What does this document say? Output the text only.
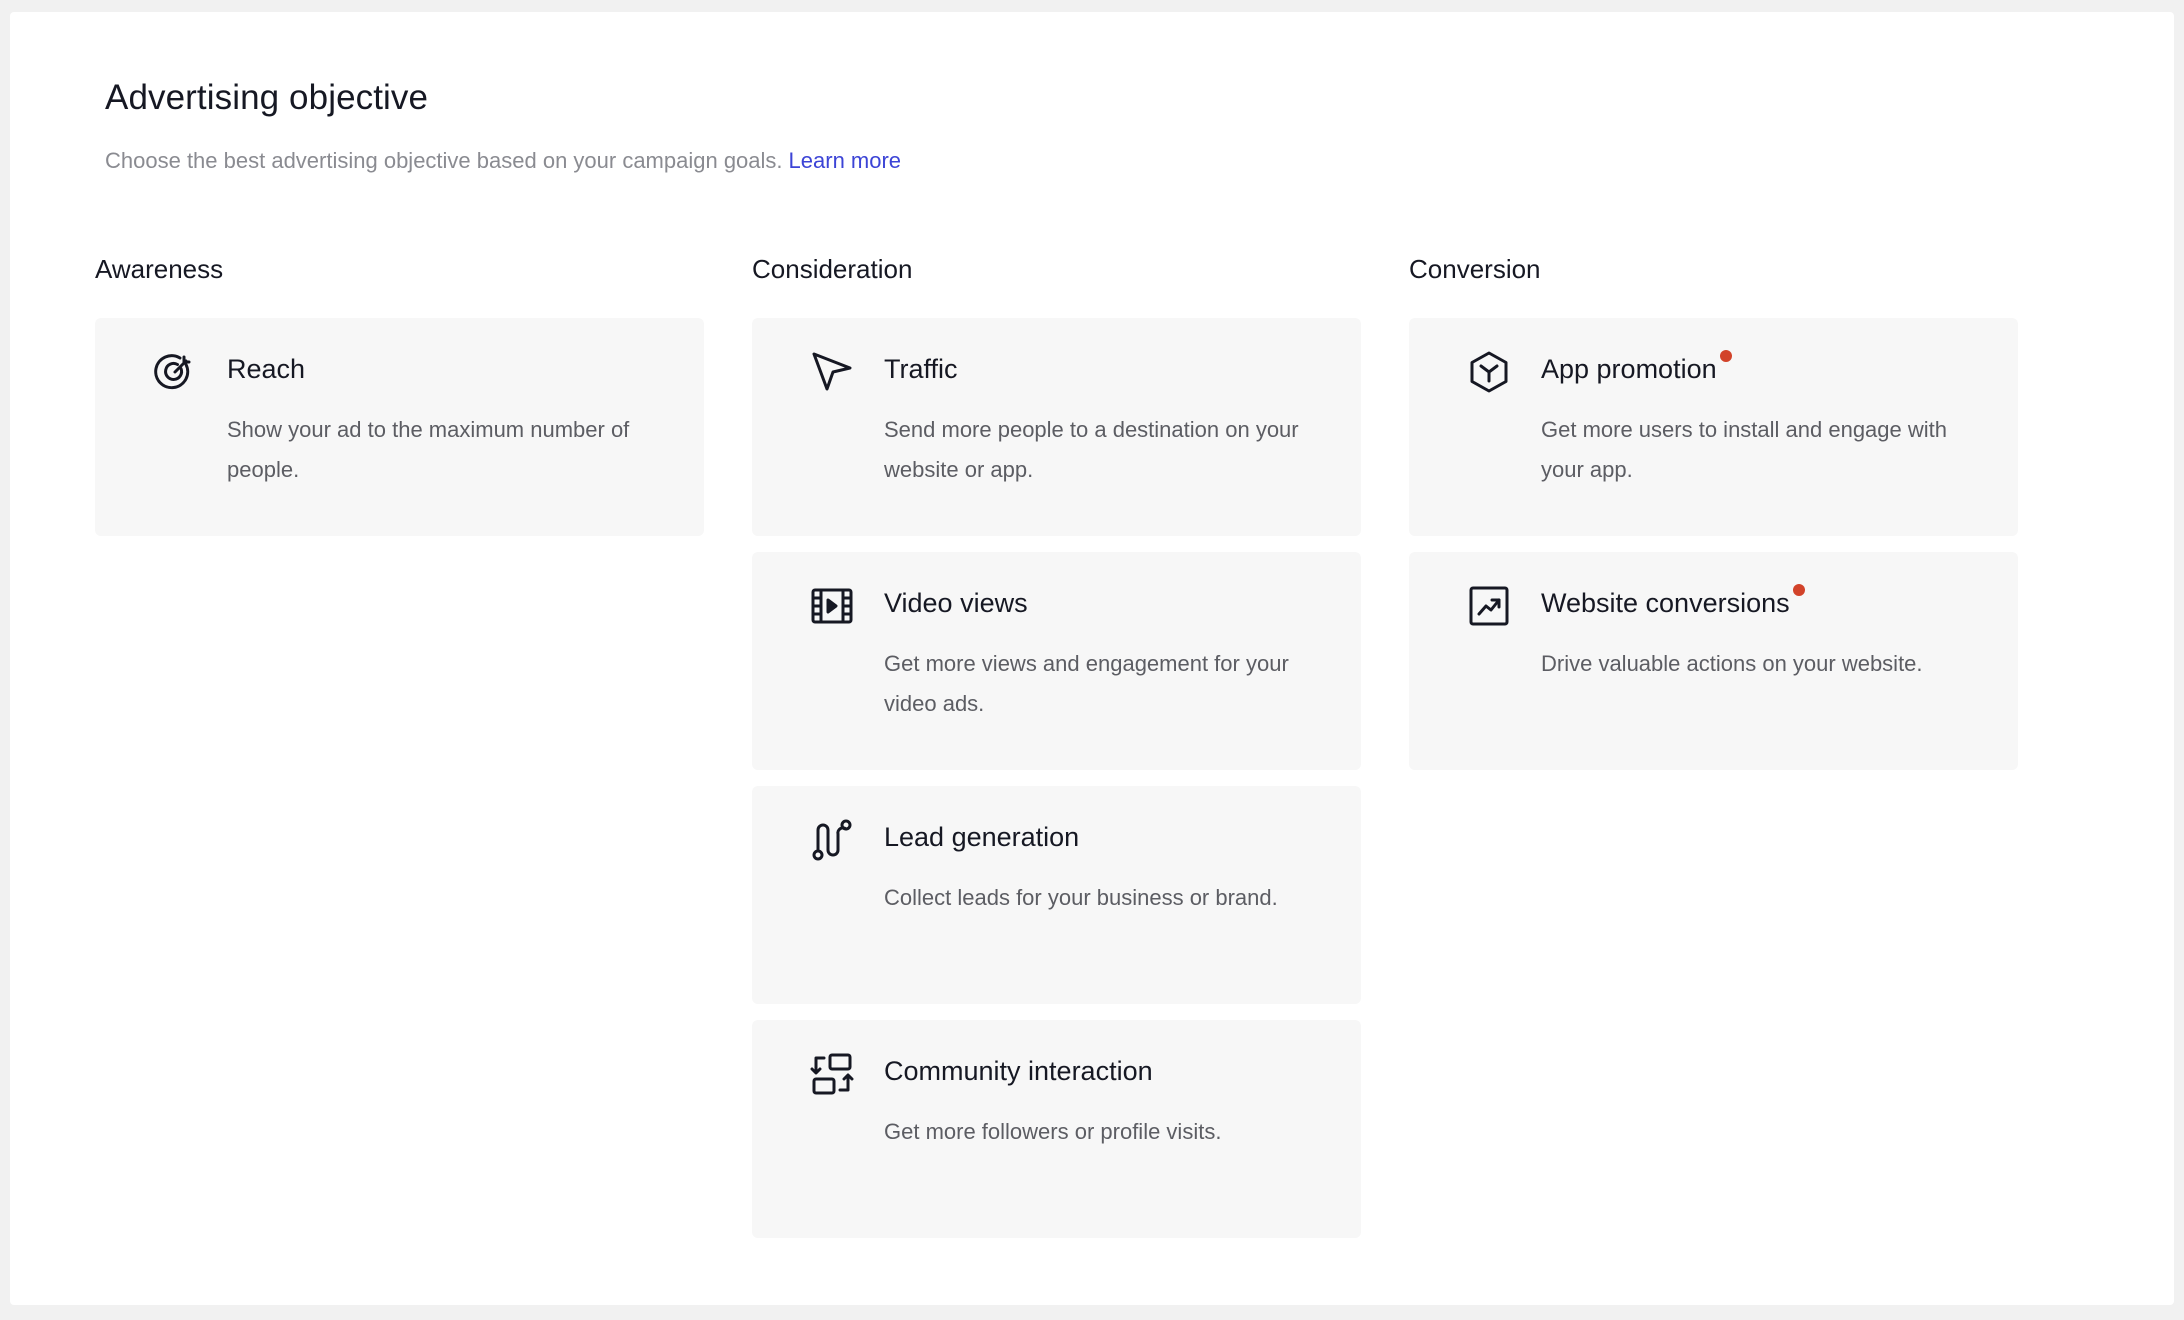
Advertising objective
Choose the best advertising objective based on your campaign goals. Learn more
Awareness
Reach
Show your ad to the maximum number of people.
Consideration
Traffic
Send more people to a destination on your website or app.
Video views
Get more views and engagement for your video ads.
Lead generation
Collect leads for your business or brand.
Community interaction
Get more followers or profile visits.
Conversion
App promotion
Get more users to install and engage with your app.
Website conversions
Drive valuable actions on your website.
